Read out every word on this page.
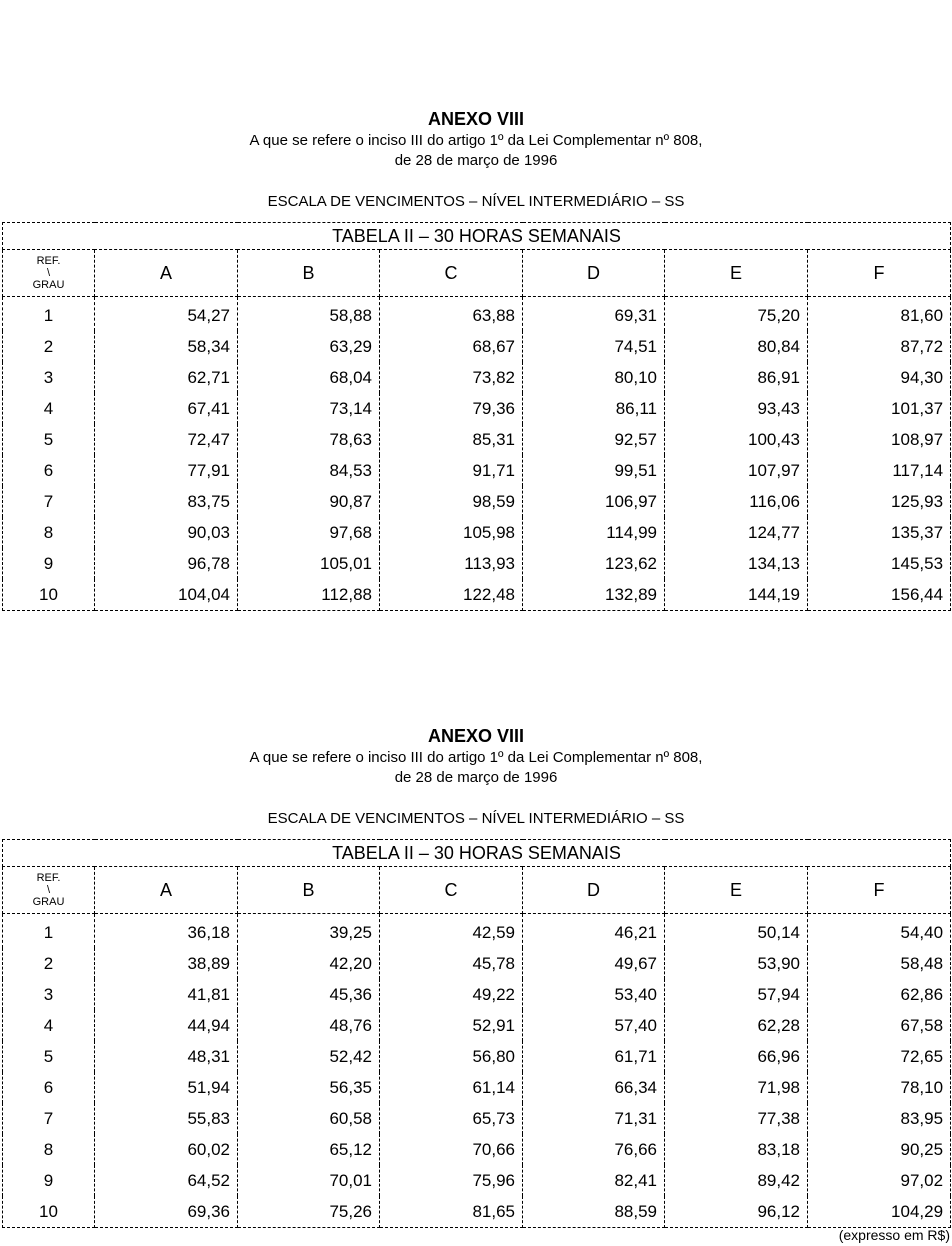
ANEXO VIII
A que se refere o inciso III do artigo 1º da Lei Complementar nº 808,
de 28 de março de 1996
ESCALA DE VENCIMENTOS – NÍVEL INTERMEDIÁRIO – SS
TABELA II – 30 HORAS SEMANAIS						

REF.
\
GRAU	A	B	C	D	E	F
1	54,27	58,88	63,88	69,31	75,20	81,60
2	58,34	63,29	68,67	74,51	80,84	87,72
3	62,71	68,04	73,82	80,10	86,91	94,30
4	67,41	73,14	79,36	86,11	93,43	101,37
5	72,47	78,63	85,31	92,57	100,43	108,97
6	77,91	84,53	91,71	99,51	107,97	117,14
7	83,75	90,87	98,59	106,97	116,06	125,93
8	90,03	97,68	105,98	114,99	124,77	135,37
9	96,78	105,01	113,93	123,62	134,13	145,53
10	104,04	112,88	122,48	132,89	144,19	156,44
ANEXO VIII
A que se refere o inciso III do artigo 1º da Lei Complementar nº 808,
de 28 de março de 1996
ESCALA DE VENCIMENTOS – NÍVEL INTERMEDIÁRIO – SS
TABELA II – 30 HORAS SEMANAIS						

REF.
\
GRAU	A	B	C	D	E	F
1	36,18	39,25	42,59	46,21	50,14	54,40
2	38,89	42,20	45,78	49,67	53,90	58,48
3	41,81	45,36	49,22	53,40	57,94	62,86
4	44,94	48,76	52,91	57,40	62,28	67,58
5	48,31	52,42	56,80	61,71	66,96	72,65
6	51,94	56,35	61,14	66,34	71,98	78,10
7	55,83	60,58	65,73	71,31	77,38	83,95
8	60,02	65,12	70,66	76,66	83,18	90,25
9	64,52	70,01	75,96	82,41	89,42	97,02
10	69,36	75,26	81,65	88,59	96,12	104,29
(expresso em R$)
